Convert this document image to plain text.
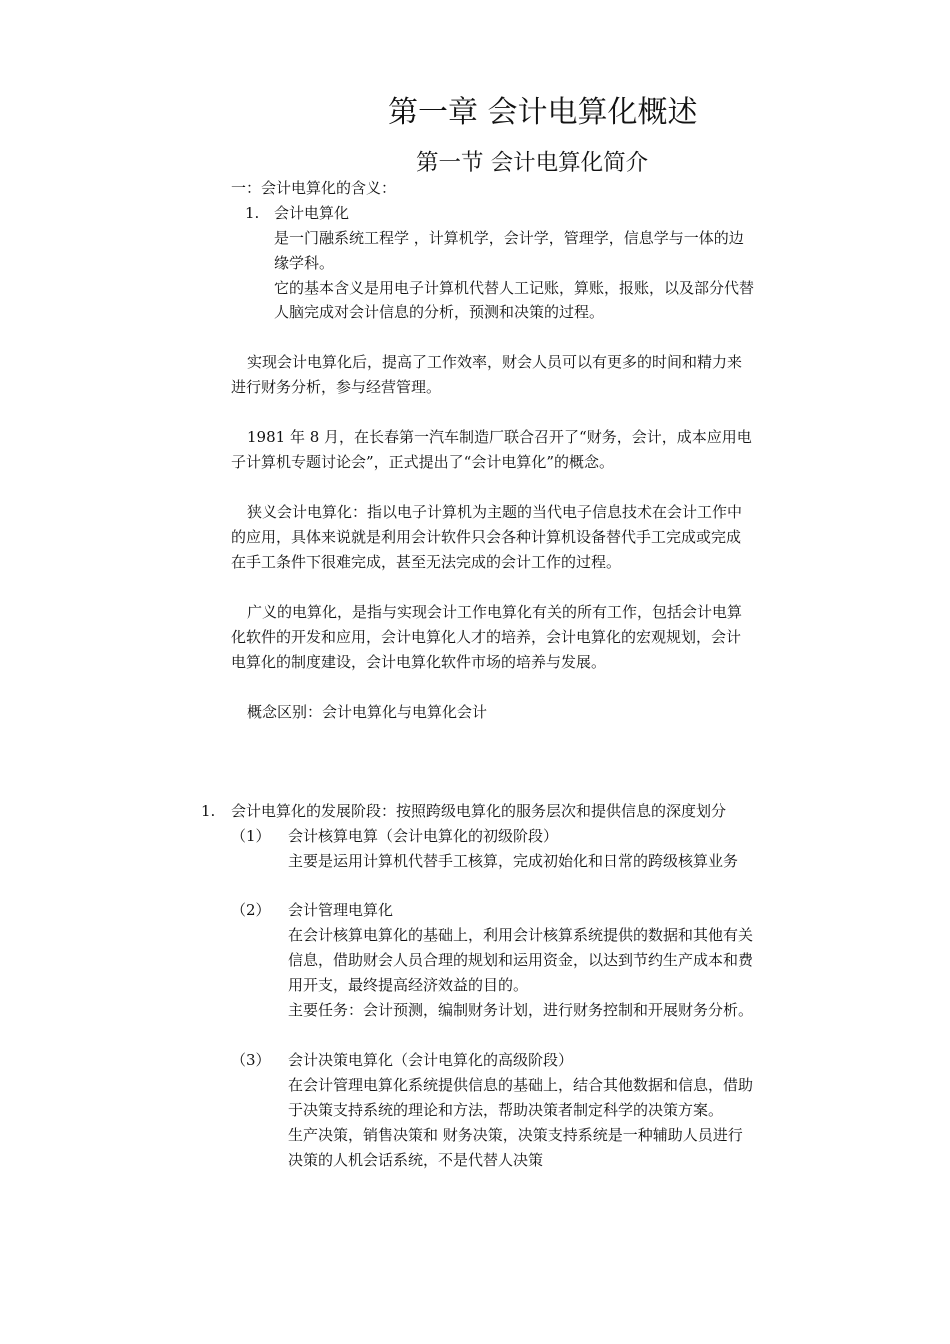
第一章 会计电算化概述
第一节 会计电算化简介
一：会计电算化的含义：
1. 会计电算化
是一门融系统工程学 ，计算机学，会计学，管理学，信息学与一体的边
缘学科。
它的基本含义是用电子计算机代替人工记账，算账，报账，以及部分代替
人脑完成对会计信息的分析，预测和决策的过程。
实现会计电算化后，提高了工作效率，财会人员可以有更多的时间和精力来
进行财务分析，参与经营管理。
1981 年 8 月，在长春第一汽车制造厂联合召开了“财务，会计，成本应用电
子计算机专题讨论会”，正式提出了“会计电算化”的概念。
狭义会计电算化：指以电子计算机为主题的当代电子信息技术在会计工作中
的应用，具体来说就是利用会计软件只会各种计算机设备替代手工完成或完成
在手工条件下很难完成，甚至无法完成的会计工作的过程。
广义的电算化，是指与实现会计工作电算化有关的所有工作，包括会计电算
化软件的开发和应用，会计电算化人才的培养，会计电算化的宏观规划，会计
电算化的制度建设，会计电算化软件市场的培养与发展。
概念区别：会计电算化与电算化会计
1. 会计电算化的发展阶段：按照跨级电算化的服务层次和提供信息的深度划分
（1） 会计核算电算（会计电算化的初级阶段）
主要是运用计算机代替手工核算，完成初始化和日常的跨级核算业务
（2） 会计管理电算化
在会计核算电算化的基础上，利用会计核算系统提供的数据和其他有关
信息，借助财会人员合理的规划和运用资金，以达到节约生产成本和费
用开支，最终提高经济效益的目的。
主要任务：会计预测，编制财务计划，进行财务控制和开展财务分析。
（3） 会计决策电算化（会计电算化的高级阶段）
在会计管理电算化系统提供信息的基础上，结合其他数据和信息，借助
于决策支持系统的理论和方法，帮助决策者制定科学的决策方案。
生产决策，销售决策和 财务决策，决策支持系统是一种辅助人员进行
决策的人机会话系统，不是代替人决策
